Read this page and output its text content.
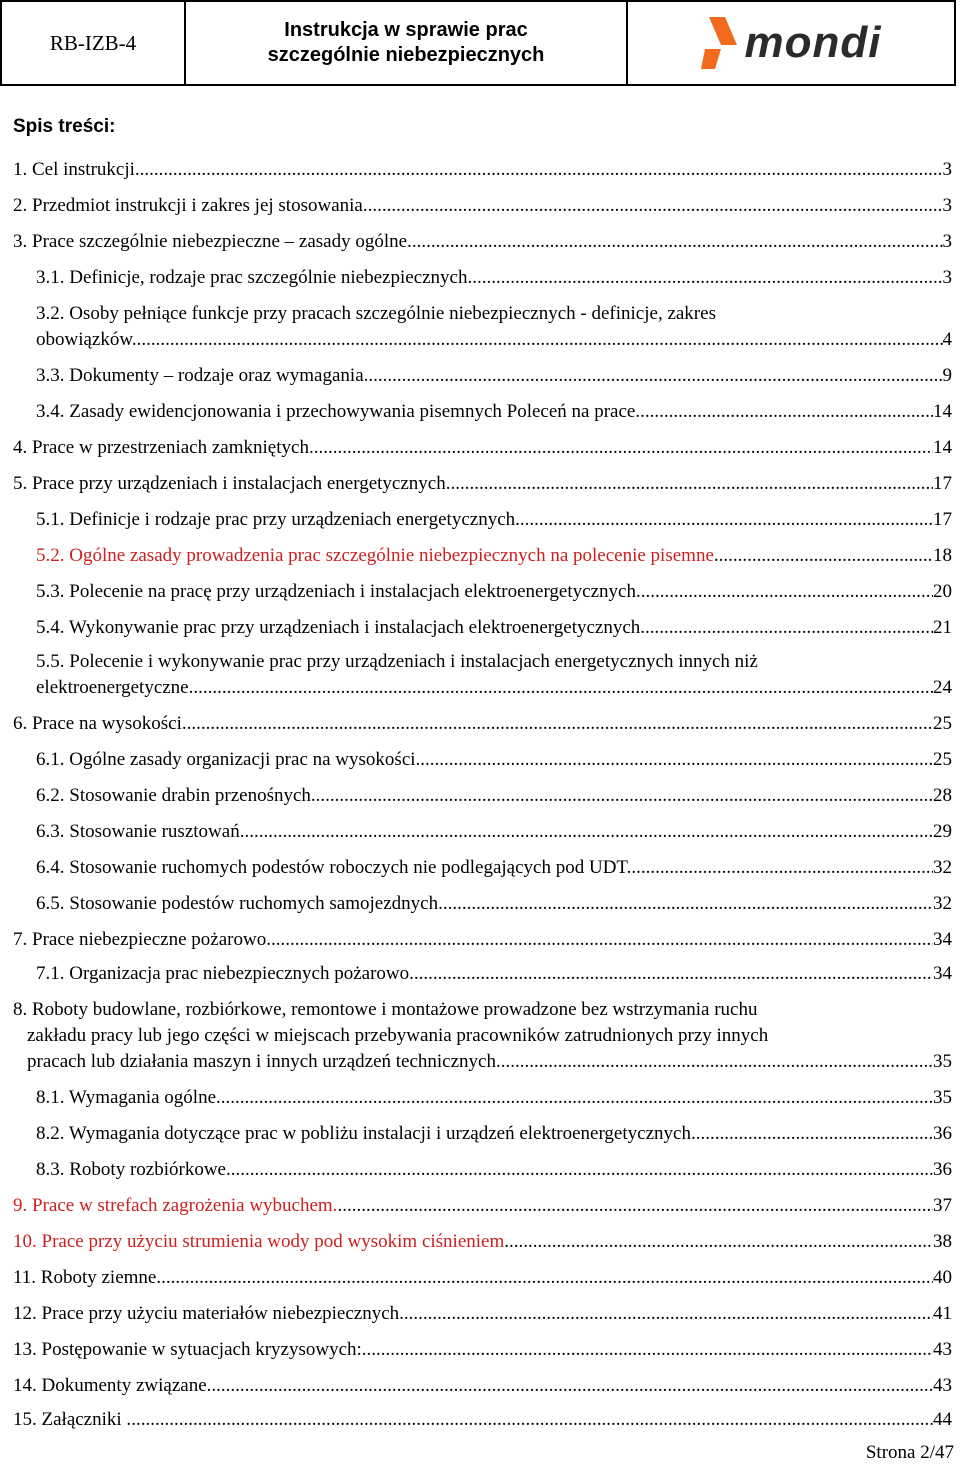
RB-IZB-4
Instrukcja w sprawie prac
szczególnie niebezpiecznych	mondi
Spis treści:
1. Cel instrukcji. .....	3
2. Przedmiot instrukcji i zakres jej stosowania. .....	3
3. Prace szczególnie niebezpieczne – zasady ogólne. .....	3
3.1. Definicje, rodzaje prac szczególnie niebezpiecznych. .....	3
3.2. Osoby pełniące funkcje przy pracach szczególnie niebezpiecznych - definicje, zakres
obowiązków. .....	4
3.3. Dokumenty – rodzaje oraz wymagania. .....	9
3.4. Zasady ewidencjonowania i przechowywania pisemnych Poleceń na prace. .....	14
4. Prace w przestrzeniach zamkniętych. .....	14
5. Prace przy urządzeniach i instalacjach energetycznych. .....	17
5.1. Definicje i rodzaje prac przy urządzeniach energetycznych. .....	17
5.2. Ogólne zasady prowadzenia prac szczególnie niebezpiecznych na polecenie pisemne .....	18
5.3. Polecenie na pracę przy urządzeniach i instalacjach elektroenergetycznych. .....	20
5.4. Wykonywanie prac przy urządzeniach i instalacjach elektroenergetycznych. .....	21
5.5. Polecenie i wykonywanie prac przy urządzeniach i instalacjach energetycznych innych niż
elektroenergetyczne .....	24
6. Prace na wysokości. .....	25
6.1. Ogólne zasady organizacji prac na wysokości. .....	25
6.2. Stosowanie drabin przenośnych. .....	28
6.3. Stosowanie rusztowań. .....	29
6.4. Stosowanie ruchomych podestów roboczych nie podlegających pod UDT. .....	32
6.5. Stosowanie podestów ruchomych samojezdnych. .....	32
7. Prace niebezpieczne pożarowo. .....	34
7.1. Organizacja prac niebezpiecznych pożarowo. .....	34
8. Roboty budowlane, rozbiórkowe, remontowe i montażowe prowadzone bez wstrzymania ruchu
zakładu pracy lub jego części w miejscach przebywania pracowników zatrudnionych przy innych
pracach lub działania maszyn i innych urządzeń technicznych. .....	35
8.1. Wymagania ogólne. .....	35
8.2. Wymagania dotyczące prac w pobliżu instalacji i urządzeń elektroenergetycznych. .....	36
8.3. Roboty rozbiórkowe. .....	36
9. Prace w strefach zagrożenia wybuchem. .....	37
10. Prace przy użyciu strumienia wody pod wysokim ciśnieniem .....	38
11. Roboty ziemne. .....	40
12. Prace przy użyciu materiałów niebezpiecznych. .....	41
13. Postępowanie w sytuacjach kryzysowych: .....	43
14. Dokumenty związane. .....	43
15. Załączniki . .....	44
Strona 2/47
